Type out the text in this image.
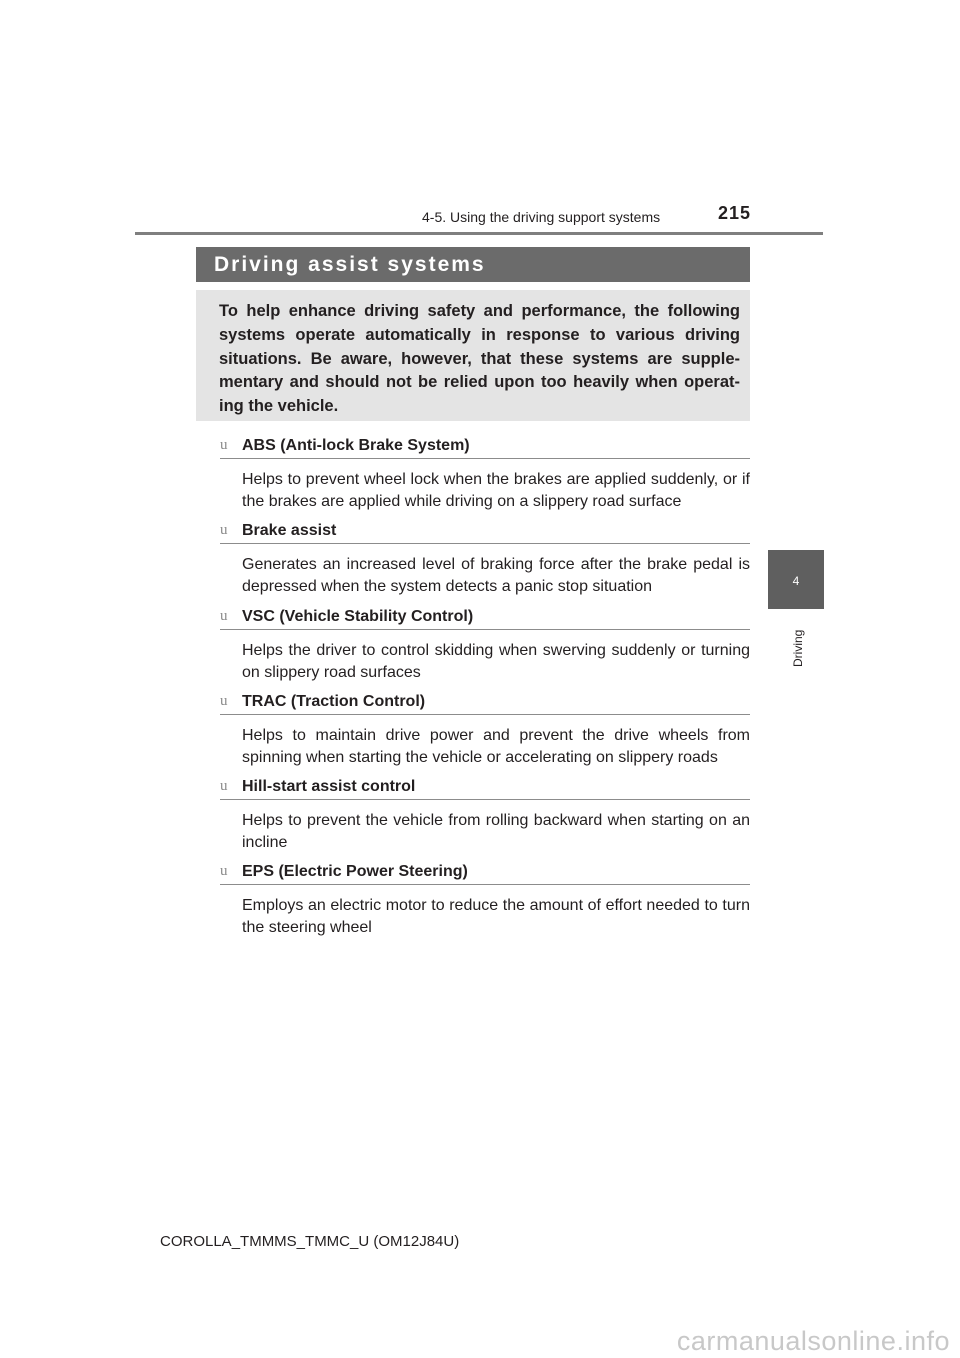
4-5. Using the driving support systems	215
4
Driving
Driving assist systems

To help enhance driving safety and performance, the following systems operate automatically in response to various driving situations. Be aware, however, that these systems are supple- mentary and should not be relied upon too heavily when operat- ing the vehicle.

u ABS (Anti-lock Brake System)
Helps to prevent wheel lock when the brakes are applied suddenly, or if the brakes are applied while driving on a slippery road surface
u Brake assist
Generates an increased level of braking force after the brake pedal is depressed when the system detects a panic stop situation
u VSC (Vehicle Stability Control)
Helps the driver to control skidding when swerving suddenly or turning on slippery road surfaces
u TRAC (Traction Control)
Helps to maintain drive power and prevent the drive wheels from spinning when starting the vehicle or accelerating on slippery roads
u Hill-start assist control
Helps to prevent the vehicle from rolling backward when starting on an incline
u EPS (Electric Power Steering)
Employs an electric motor to reduce the amount of effort needed to turn the steering wheel
COROLLA_TMMMS_TMMC_U (OM12J84U)
carmanualsonline.info
